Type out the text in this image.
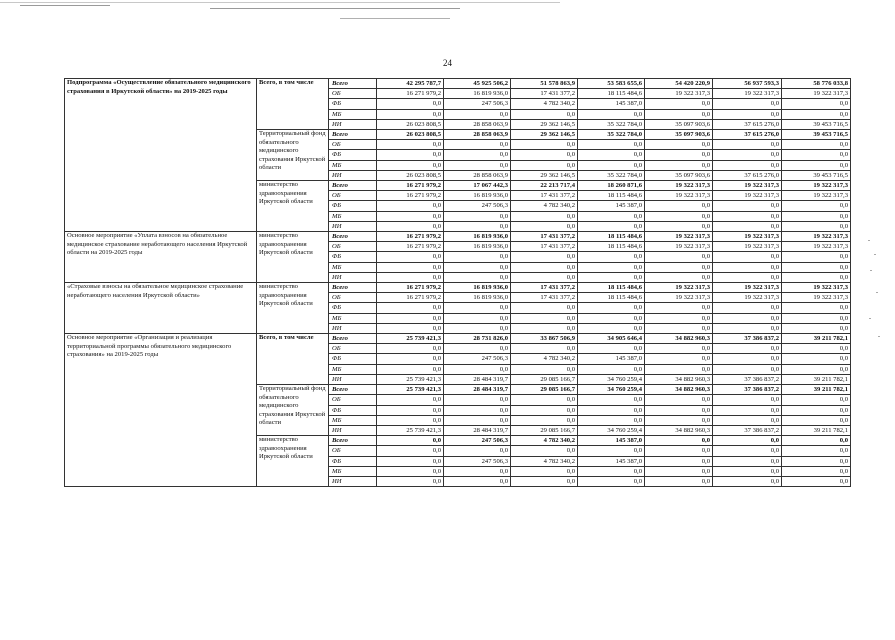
24
Подпрограмма «Осуществление обязательного медицинского страхования в Иркутской области» на 2019-2025 годы	Всего, в том числе	Всего	42 295 787,7	45 925 506,2	51 578 863,9	53 583 655,6	54 420 220,9	56 937 593,3	58 776 033,8
		ОБ	16 271 979,2	16 819 936,0	17 431 377,2	18 115 484,6	19 322 317,3	19 322 317,3	19 322 317,3
		ФБ	0,0	247 506,3	4 782 340,2	145 387,0	0,0	0,0	0,0
		МБ	0,0	0,0	0,0	0,0	0,0	0,0	0,0
		ИИ	26 023 808,5	28 858 063,9	29 362 146,5	35 322 784,0	35 097 903,6	37 615 276,0	39 453 716,5
	Территориальный фонд обязательного медицинского страхования Иркутской области	Всего	26 023 808,5	28 858 063,9	29 362 146,5	35 322 784,0	35 097 903,6	37 615 276,0	39 453 716,5
		ОБ	0,0	0,0	0,0	0,0	0,0	0,0	0,0
		ФБ	0,0	0,0	0,0	0,0	0,0	0,0	0,0
		МБ	0,0	0,0	0,0	0,0	0,0	0,0	0,0
		ИИ	26 023 808,5	28 858 063,9	29 362 146,5	35 322 784,0	35 097 903,6	37 615 276,0	39 453 716,5
	министерство здравоохранения Иркутской области	Всего	16 271 979,2	17 067 442,3	22 213 717,4	18 260 871,6	19 322 317,3	19 322 317,3	19 322 317,3
		ОБ	16 271 979,2	16 819 936,0	17 431 377,2	18 115 484,6	19 322 317,3	19 322 317,3	19 322 317,3
		ФБ	0,0	247 506,3	4 782 340,2	145 387,0	0,0	0,0	0,0
		МБ	0,0	0,0	0,0	0,0	0,0	0,0	0,0
		ИИ	0,0	0,0	0,0	0,0	0,0	0,0	0,0
Основное мероприятие «Уплата взносов на обязательное медицинское страхование неработающего населения Иркутской области на 2019-2025 годы	министерство здравоохранения Иркутской области	Всего	16 271 979,2	16 819 936,0	17 431 377,2	18 115 484,6	19 322 317,3	19 322 317,3	19 322 317,3
		ОБ	16 271 979,2	16 819 936,0	17 431 377,2	18 115 484,6	19 322 317,3	19 322 317,3	19 322 317,3
		ФБ	0,0	0,0	0,0	0,0	0,0	0,0	0,0
		МБ	0,0	0,0	0,0	0,0	0,0	0,0	0,0
		ИИ	0,0	0,0	0,0	0,0	0,0	0,0	0,0
«Страховые взносы на обязательное медицинское страхование неработающего населения Иркутской области»	министерство здравоохранения Иркутской области	Всего	16 271 979,2	16 819 936,0	17 431 377,2	18 115 484,6	19 322 317,3	19 322 317,3	19 322 317,3
		ОБ	16 271 979,2	16 819 936,0	17 431 377,2	18 115 484,6	19 322 317,3	19 322 317,3	19 322 317,3
		ФБ	0,0	0,0	0,0	0,0	0,0	0,0	0,0
		МБ	0,0	0,0	0,0	0,0	0,0	0,0	0,0
		ИИ	0,0	0,0	0,0	0,0	0,0	0,0	0,0
Основное мероприятие «Организация и реализация территориальной программы обязательного медицинского страхования» на 2019-2025 годы	Всего, в том числе	Всего	25 739 421,3	28 731 826,0	33 867 506,9	34 905 646,4	34 882 960,3	37 386 837,2	39 211 782,1
		ОБ	0,0	0,0	0,0	0,0	0,0	0,0	0,0
		ФБ	0,0	247 506,3	4 782 340,2	145 387,0	0,0	0,0	0,0
		МБ	0,0	0,0	0,0	0,0	0,0	0,0	0,0
		ИИ	25 739 421,3	28 484 319,7	29 085 166,7	34 760 259,4	34 882 960,3	37 386 837,2	39 211 782,1
	Территориальный фонд обязательного медицинского страхования Иркутской области	Всего	25 739 421,3	28 484 319,7	29 085 166,7	34 760 259,4	34 882 960,3	37 386 837,2	39 211 782,1
		ОБ	0,0	0,0	0,0	0,0	0,0	0,0	0,0
		ФБ	0,0	0,0	0,0	0,0	0,0	0,0	0,0
		МБ	0,0	0,0	0,0	0,0	0,0	0,0	0,0
		ИИ	25 739 421,3	28 484 319,7	29 085 166,7	34 760 259,4	34 882 960,3	37 386 837,2	39 211 782,1
	министерство здравоохранения Иркутской области	Всего	0,0	247 506,3	4 782 340,2	145 387,0	0,0	0,0	0,0
		ОБ	0,0	0,0	0,0	0,0	0,0	0,0	0,0
		ФБ	0,0	247 506,3	4 782 340,2	145 387,0	0,0	0,0	0,0
		МБ	0,0	0,0	0,0	0,0	0,0	0,0	0,0
		ИИ	0,0	0,0	0,0	0,0	0,0	0,0	0,0
